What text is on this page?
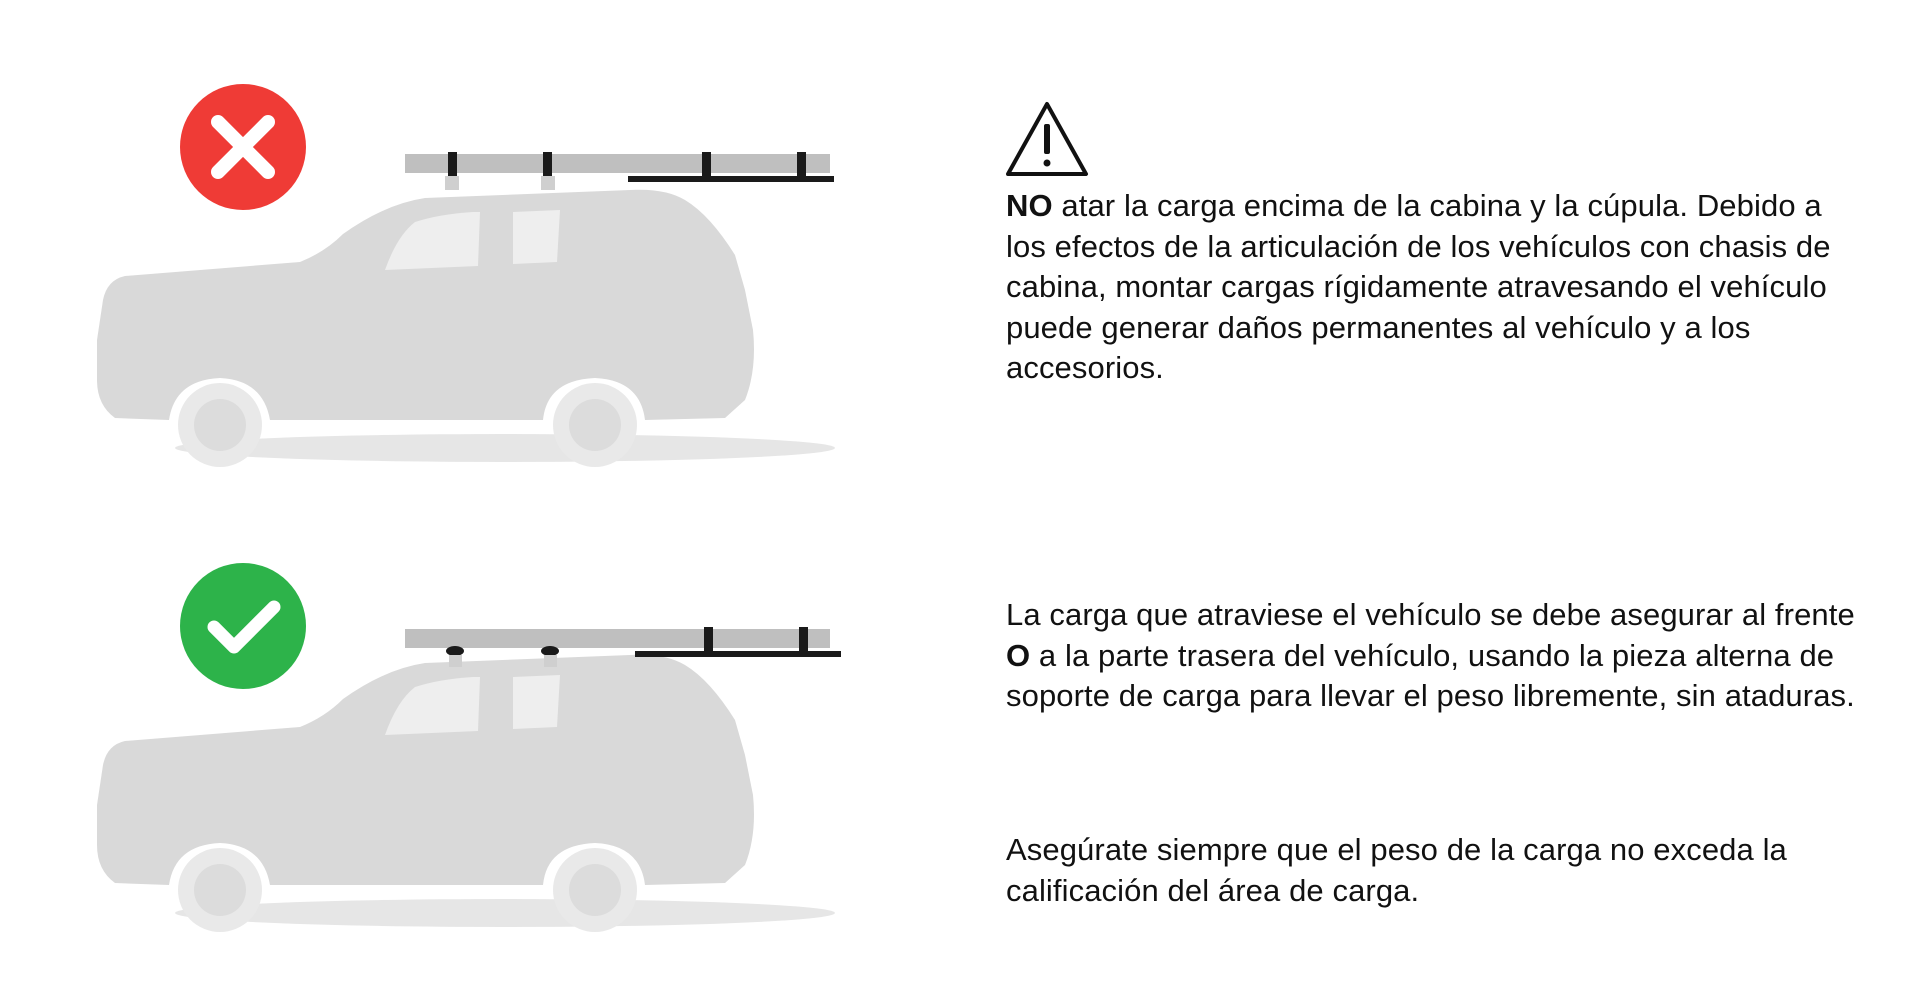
NO atar la carga encima de la cabina y la cúpula. Debido a los efectos de la articulación de los vehículos con chasis de cabina, montar cargas rígidamente atravesando el vehículo puede generar daños permanentes al vehículo y a los accesorios.

La carga que atraviese el vehículo se debe asegurar al frente O a la parte trasera del vehículo, usando la pieza alterna de soporte de carga para llevar el peso libremente, sin ataduras.

Asegúrate siempre que el peso de la carga no exceda la calificación del área de carga.
